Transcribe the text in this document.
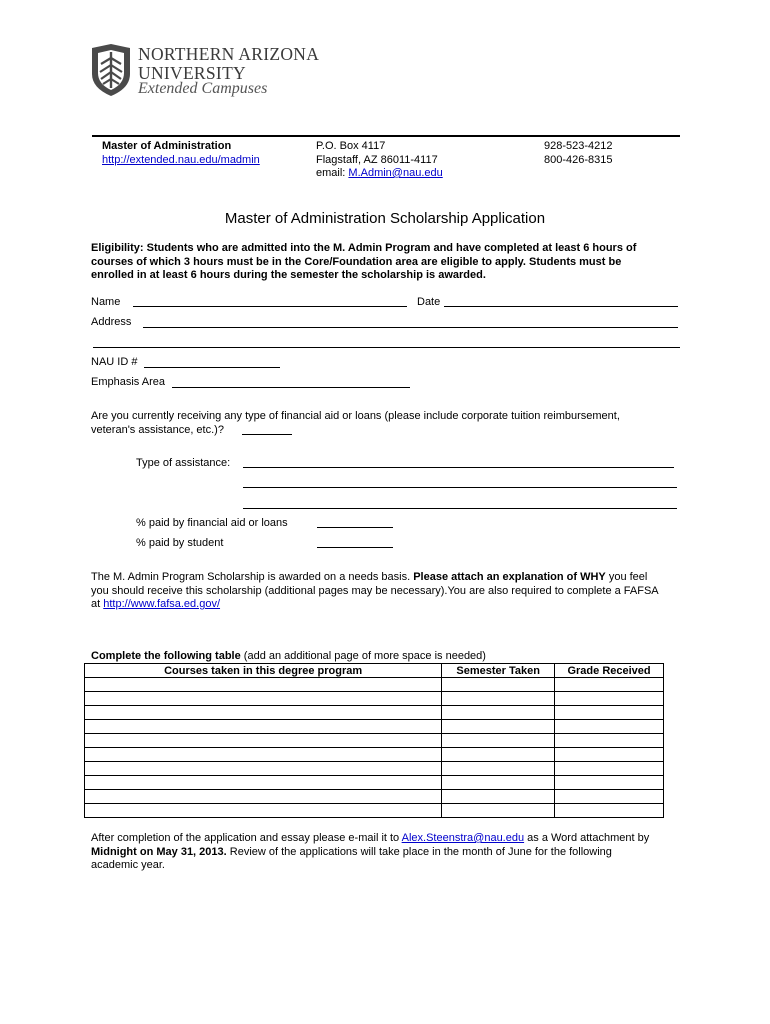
NORTHERN ARIZONA
UNIVERSITY
Extended Campuses
Master of Administration
http://extended.nau.edu/madmin
P.O. Box 4117
Flagstaff, AZ 86011-4117
email: M.Admin@nau.edu
928-523-4212
800-426-8315
Master of Administration Scholarship Application
Eligibility: Students who are admitted into the M. Admin Program and have completed at least 6 hours of
courses of which 3 hours must be in the Core/Foundation area are eligible to apply. Students must be
enrolled in at least 6 hours during the semester the scholarship is awarded.
Name	Date
Address
NAU ID #
Emphasis Area
Are you currently receiving any type of financial aid or loans (please include corporate tuition reimbursement,
veteran's assistance, etc.)?
Type of assistance:
% paid by financial aid or loans
% paid by student
The M. Admin Program Scholarship is awarded on a needs basis. Please attach an explanation of WHY you feel
you should receive this scholarship (additional pages may be necessary).You are also required to complete a FAFSA
at http://www.fafsa.ed.gov/
Complete the following table (add an additional page of more space is needed)
Courses taken in this degree program	Semester Taken	Grade Received

After completion of the application and essay please e-mail it to Alex.Steenstra@nau.edu as a Word attachment by
Midnight on May 31, 2013. Review of the applications will take place in the month of June for the following
academic year.
